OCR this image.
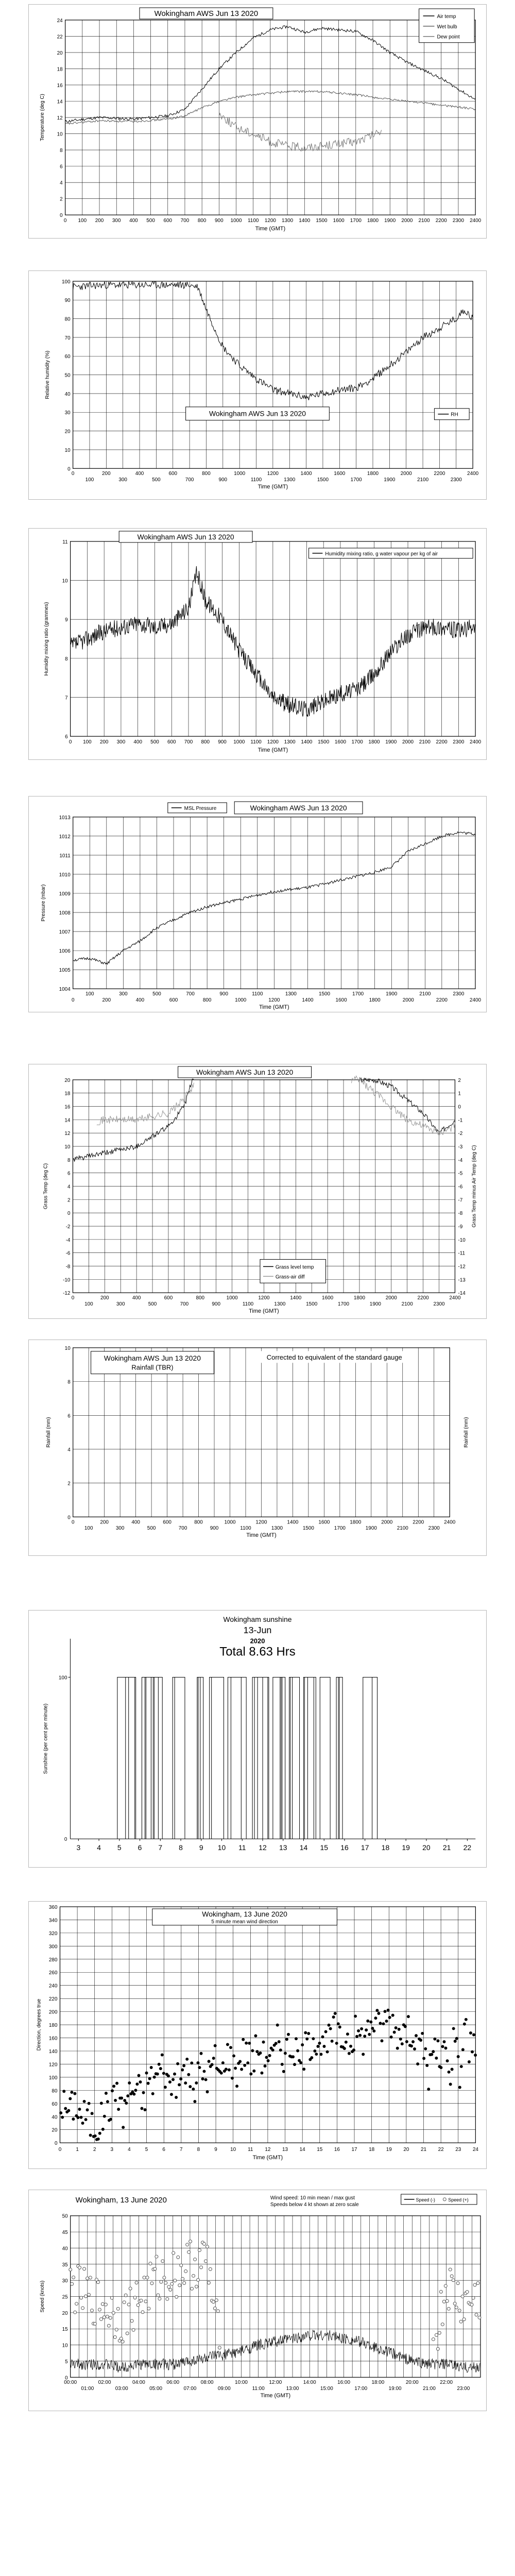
0
2
4
6
8
10
12
14
16
18
20
22
24
0 100 200 300 400 500 600 700 800 900 1000 1100 1200 1300 1400 1500 1600 1700 1800 1900 2000 2100 2200 2300 2400
Time (GMT)
Temperature (deg C)
Wokingham AWS Jun 13 2020	Air temp
Wet bulb
Dew point
0
10
20
30
40
50
60
70
80
90
100
0	200	400	600	800	1000	1200	1400	1600	1800	2000	2200	2400
100	300	500	700	900	1100	1300	1500	1700	1900	2100	2300
Time (GMT)
Relative humidity (%)
Wokingham AWS Jun 13 2020	RH
6
7
8
9
10
11
0 100 200 300 400 500 600 700 800 900 1000 1100 1200 1300 1400 1500 1600 1700 1800 1900 2000 2100 2200 2300 2400
Time (GMT)
Humidity mixing ratio (grammes)
Wokingham AWS Jun 13 2020
Humidity mixing ratio, g water vapour per kg of air
1004
1005
1006
1007
1008
1009
1010
1011
1012
1013
0	200	400	600	800	1000	1200	1400	1600	1800	2000	2200	2400
100	300	500	700	900	1100	1300	1500	1700	1900	2100	2300
Time (GMT)
Pressure (mbar)
MSL Pressure	Wokingham AWS Jun 13 2020
-12
-10
-8
-6
-4
-2
0
2
4
6
8
10
12
14
16
18
20
-14
-13
-12
-11
-10
-9
-8
-7
-6
-5
-4
-3
-2
-1
0
1
2
0	200	400	600	800	1000	1200	1400	1600	1800	2000	2200	2400
100	300	500	700	900	1100	1300	1500	1700	1900	2100	2300
Time (GMT)
Grass Temp (deg C)	Grass Temp minus Air Temp (deg C)
Wokingham AWS Jun 13 2020
Grass level temp
Grass-air diff
0
2
4
6
8
10
0	200	400	600	800	1000	1200	1400	1600	1800	2000	2200	2400
100	300	500	700	900	1100	1300	1500	1700	1900	2100	2300
Time (GMT)
Rainfall (mm)	Rainfall (mm)
Wokingham AWS Jun 13 2020
Rainfall (TBR)
Corrected to equivalent of the standard gauge
100
0
3 4 5 6 7 8 9 10 11 12 13 14 15 16 17 18 19 20 21 22
Sunshine (per cent per minute)
Wokingham sunshine
13-Jun
2020
Total 8.63 Hrs
0
20
40
60
80
100
120
140
160
180
200
220
240
260
280
300
320
340
360
0	1	2	3	4	5	6	7	8	9	10 11 12 13 14 15 16 17 18 19 20 21 22 23 24
Time (GMT)
Direction, degrees true
Wokingham, 13 June 2020
5 minute mean wind direction
0
5
10
15
20
25
30
35
40
45
50
00:00	02:00	04:00	06:00	08:00	10:00	12:00	14:00	16:00	18:00	20:00	22:00
01:00	03:00	05:00	07:00	09:00	11:00	13:00	15:00	17:00	19:00	21:00	23:00
Time (GMT)
Speed (knots)
Wokingham, 13 June 2020	Wind speed: 10 min mean / max gust
Speeds below 4 kt shown at zero scale
Speed (-)	Speed (+)
